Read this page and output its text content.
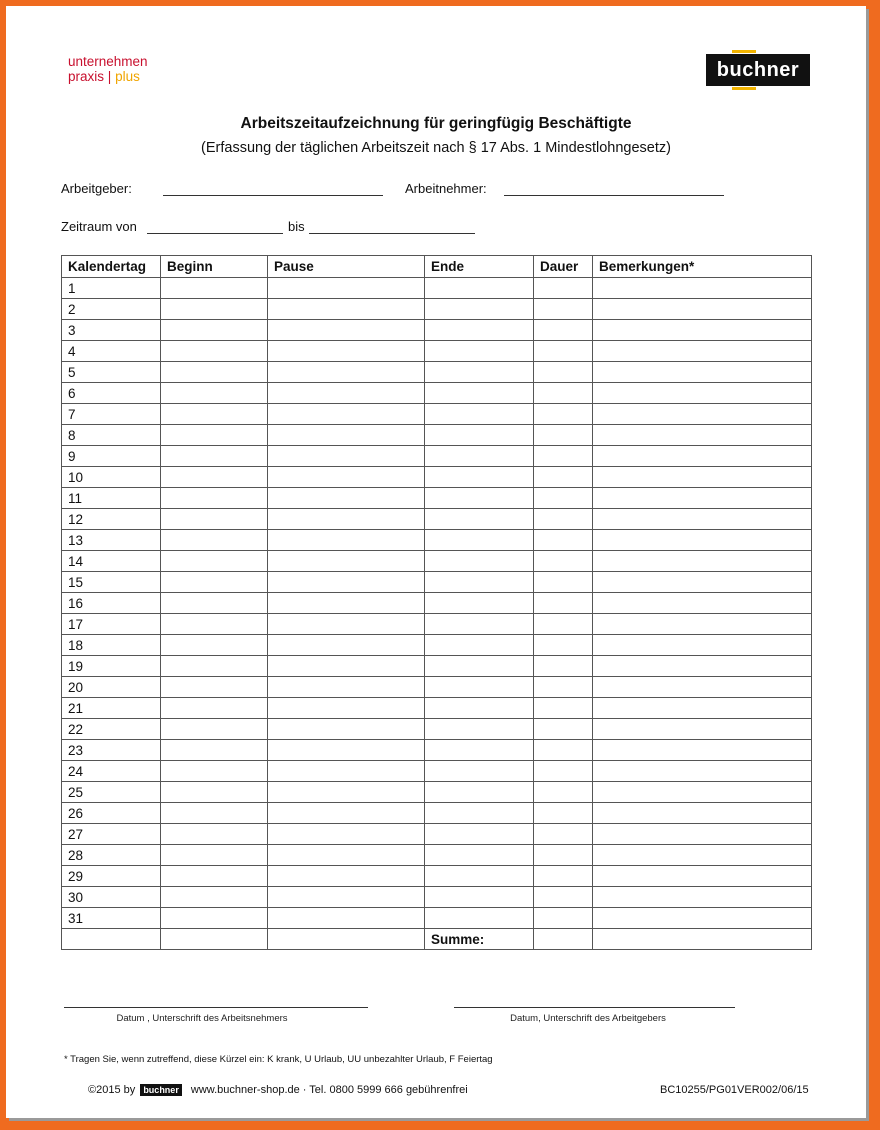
unternehmen
praxis | plus	buchner
Arbeitszeitaufzeichnung für geringfügig Beschäftigte
(Erfassung der täglichen Arbeitszeit nach § 17 Abs. 1 Mindestlohngesetz)
Arbeitgeber:	Arbeitnehmer:
Zeitraum von	bis
Kalendertag	Beginn	Pause	Ende	Dauer	Bemerkungen*
1					
2					
3					
4					
5					
6					
7					
8					
9					
10					
11					
12					
13					
14					
15					
16					
17					
18					
19					
20					
21					
22					
23					
24					
25					
26					
27					
28					
29					
30					
31					
			Summe:		
Datum , Unterschrift des Arbeitsnehmers	Datum, Unterschrift des Arbeitgebers
* Tragen Sie, wenn zutreffend, diese Kürzel ein: K krank, U Urlaub, UU unbezahlter Urlaub, F Feiertag
©2015 by buchner www.buchner-shop.de · Tel. 0800 5999 666 gebührenfrei	BC10255/PG01VER002/06/15
